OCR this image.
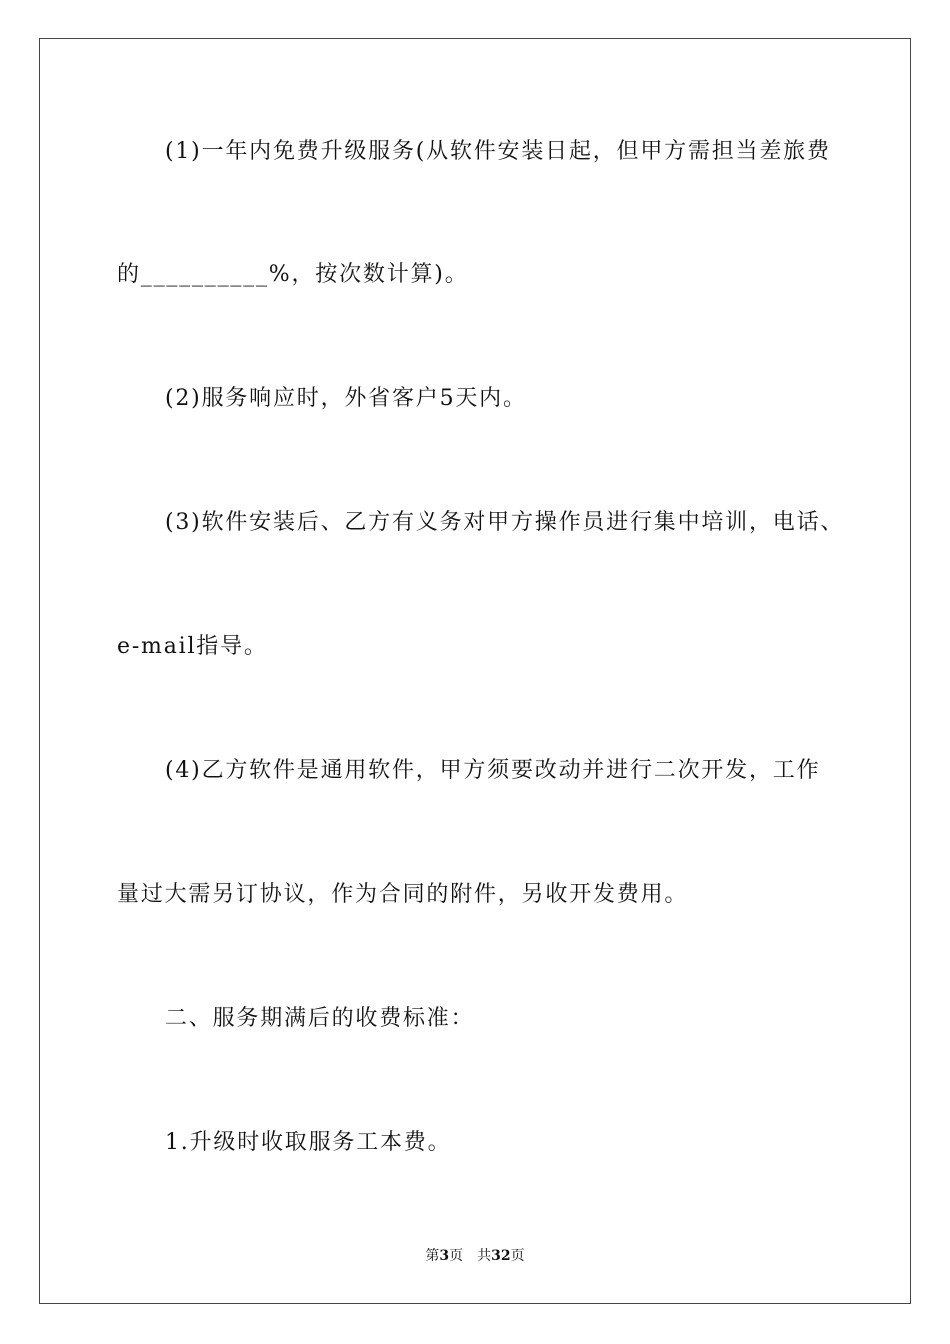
(1)一年内免费升级服务(从软件安装日起，但甲方需担当差旅费
的__________%，按次数计算)。
(2)服务响应时，外省客户5天内。
(3)软件安装后、乙方有义务对甲方操作员进行集中培训，电话、
e-mail指导。
(4)乙方软件是通用软件，甲方须要改动并进行二次开发，工作
量过大需另订协议，作为合同的附件，另收开发费用。
二、服务期满后的收费标准：
1.升级时收取服务工本费。
第3页 共32页
